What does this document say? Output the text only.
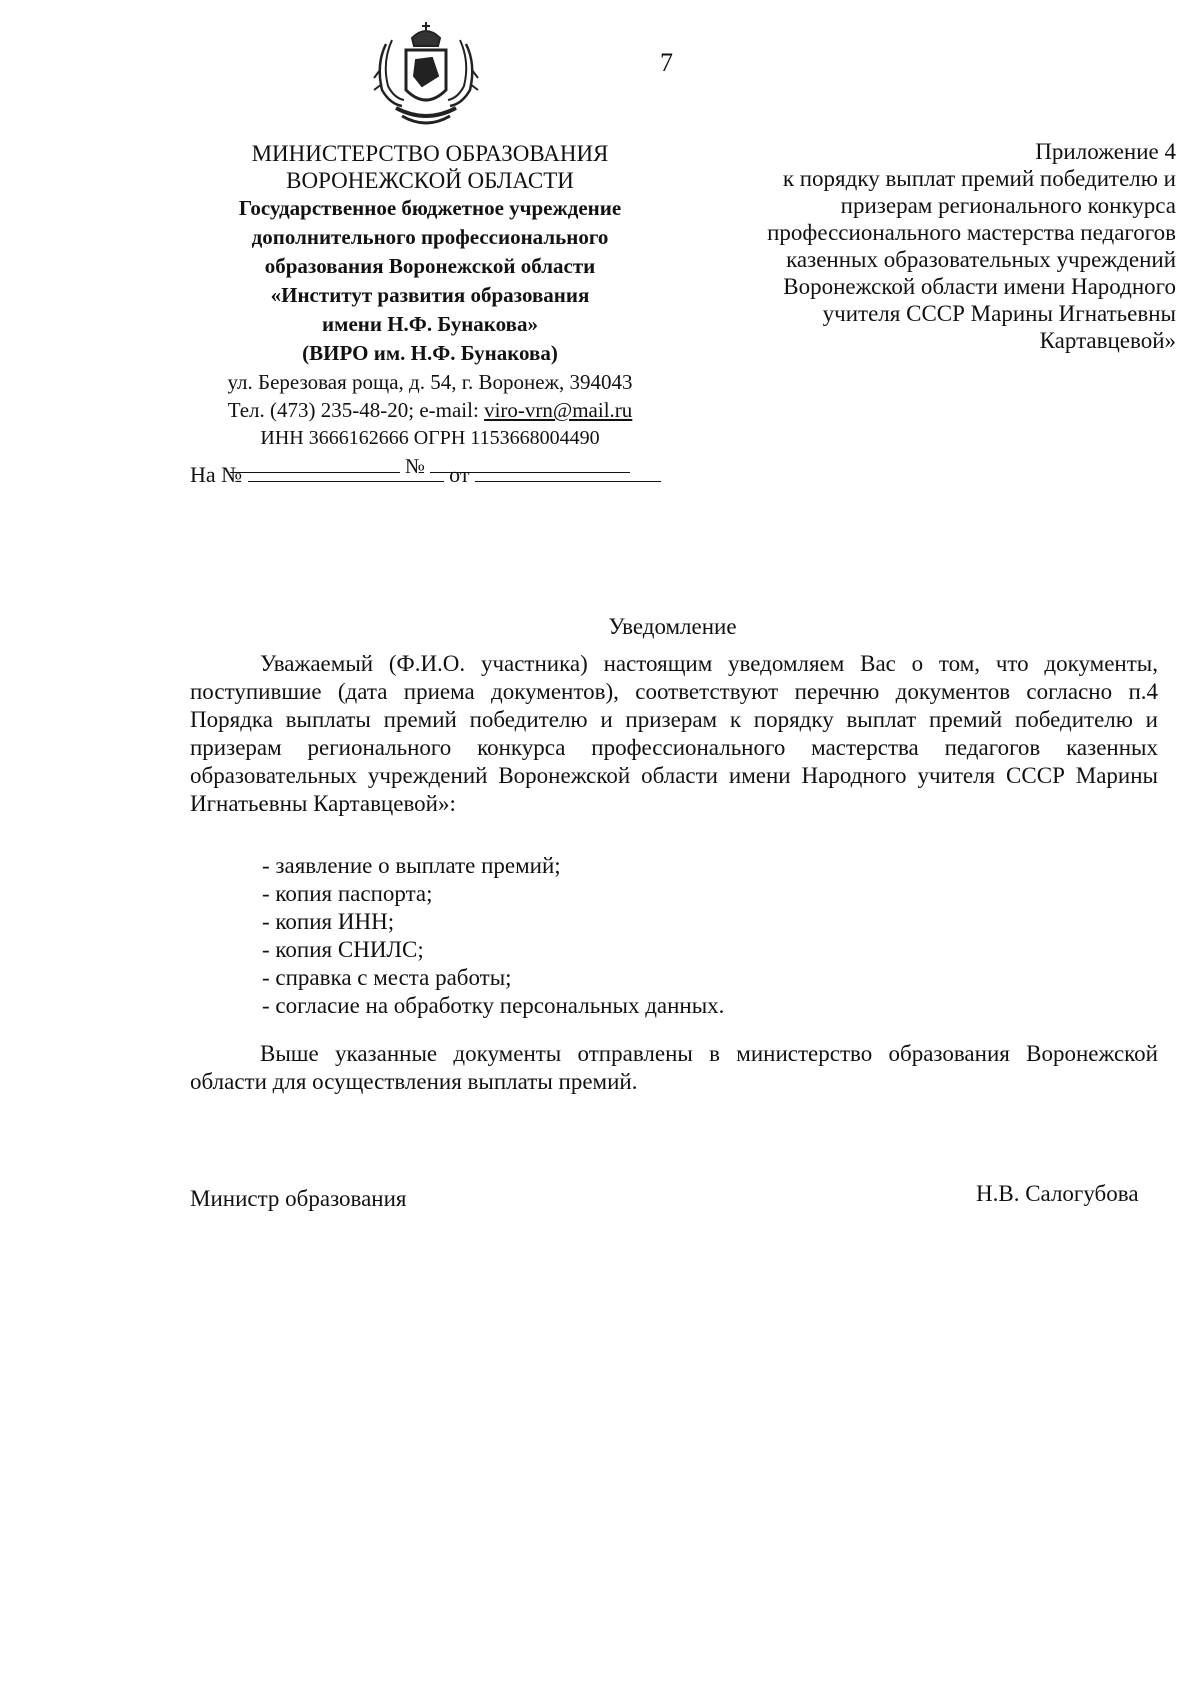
7
МИНИСТЕРСТВО ОБРАЗОВАНИЯ
ВОРОНЕЖСКОЙ ОБЛАСТИ
Государственное бюджетное учреждение
дополнительного профессионального
образования Воронежской области
«Институт развития образования
имени Н.Ф. Бунакова»
(ВИРО им. Н.Ф. Бунакова)
ул. Березовая роща, д. 54, г. Воронеж, 394043
Тел. (473) 235-48-20; e-mail: viro-vrn@mail.ru
ИНН 3666162666 ОГРН 1153668004490
№
На №	от
Приложение 4
к порядку выплат премий победителю и
призерам регионального конкурса
профессионального мастерства педагогов
казенных образовательных учреждений
Воронежской области имени Народного
учителя СССР Марины Игнатьевны
Картавцевой»
Уведомление
Уважаемый (Ф.И.О. участника) настоящим уведомляем Вас о том, что документы, поступившие (дата приема документов), соответствуют перечню документов согласно п.4 Порядка выплаты премий победителю и призерам к порядку выплат премий победителю и призерам регионального конкурса профессионального мастерства педагогов казенных образовательных учреждений Воронежской области имени Народного учителя СССР Марины Игнатьевны Картавцевой»:
- заявление о выплате премий;
- копия паспорта;
- копия ИНН;
- копия СНИЛС;
- справка с места работы;
- согласие на обработку персональных данных.
Выше указанные документы отправлены в министерство образования Воронежской области для осуществления выплаты премий.
Министр образования	Н.В. Салогубова
